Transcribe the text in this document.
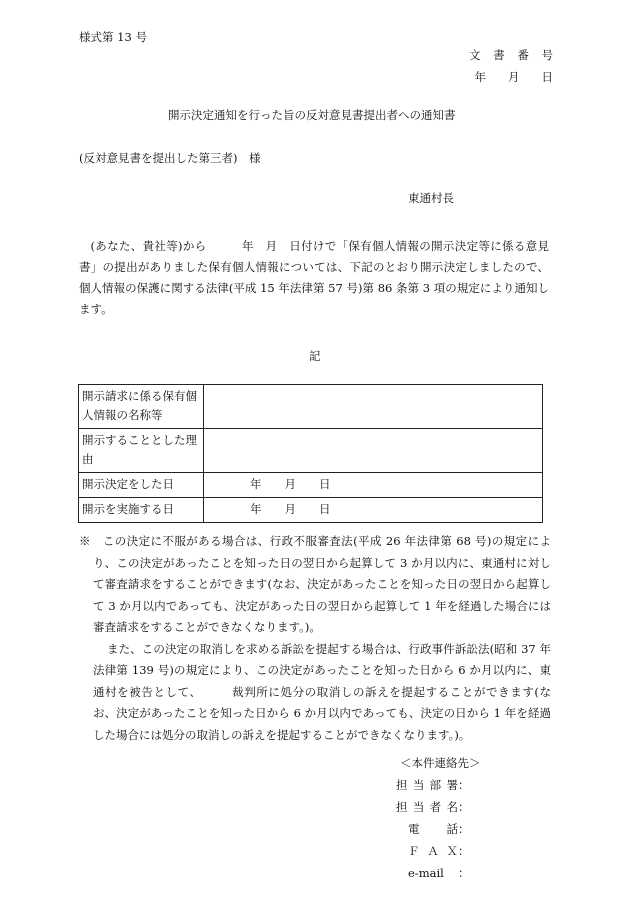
様式第 13 号
文 書 番 号
年 月 日
開示決定通知を行った旨の反対意見書提出者への通知書
(反対意見書を提出した第三者)　様
東通村長

(あなた、貴社等)から　　　年　月　日付けで「保有個人情報の開示決定等に係る意見書」の提出がありました保有個人情報については、下記のとおり開示決定しましたので、個人情報の保護に関する法律(平成 15 年法律第 57 号)第 86 条第 3 項の規定により通知します。

記
開示請求に係る保有個人情報の名称等	
開示することとした理由	
開示決定をした日	年　　月　　日
開示を実施する日	年　　月　　日

※　この決定に不服がある場合は、行政不服審査法(平成 26 年法律第 68 号)の規定により、この決定があったことを知った日の翌日から起算して 3 か月以内に、東通村に対して審査請求をすることができます(なお、決定があったことを知った日の翌日から起算して 3 か月以内であっても、決定があった日の翌日から起算して 1 年を経過した場合には審査請求をすることができなくなります。)。

また、この決定の取消しを求める訴訟を提起する場合は、行政事件訴訟法(昭和 37 年法律第 139 号)の規定により、この決定があったことを知った日から 6 か月以内に、東通村を被告として、　　　裁判所に処分の取消しの訴えを提起することができます(なお、決定があったことを知った日から 6 か月以内であっても、決定の日から 1 年を経過した場合には処分の取消しの訴えを提起することができなくなります。)。

＜本件連絡先＞
担当部署 ：
担当者名 ：
電　話 ：
ＦＡＸ ：
e-mail	：
